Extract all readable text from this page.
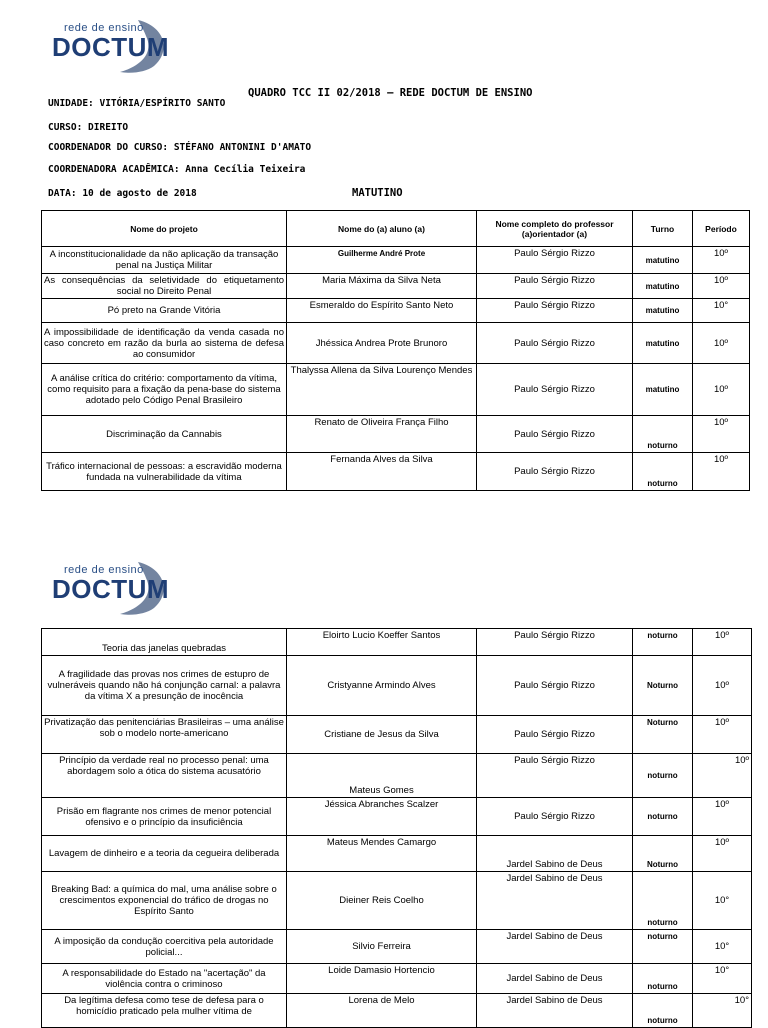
rede de ensino
DOCTUM
QUADRO TCC II 02/2018 – REDE DOCTUM DE ENSINO
UNIDADE: VITÓRIA/ESPÍRITO SANTO
CURSO: DIREITO
COORDENADOR DO CURSO: STÉFANO ANTONINI D'AMATO
COORDENADORA ACADÊMICA: Anna Cecília Teixeira
DATA: 10 de agosto de 2018	MATUTINO
Nome do projeto	Nome do (a) aluno (a)	Nome completo do professor (a)orientador (a)	Turno	Período
A inconstitucionalidade da não aplicação da transação penal na Justiça Militar	Guilherme André Prote	Paulo Sérgio Rizzo	matutino	10º
As consequências da seletividade do etiquetamento social no Direito Penal	Maria Máxima da Silva Neta	Paulo Sérgio Rizzo	matutino	10º
Pó preto na Grande Vitória	Esmeraldo do Espírito Santo Neto	Paulo Sérgio Rizzo	matutino	10°
A impossibilidade de identificação da venda casada no caso concreto em razão da burla ao sistema de defesa ao consumidor	Jhéssica Andrea Prote Brunoro	Paulo Sérgio Rizzo	matutino	10º
A análise crítica do critério: comportamento da vítima, como requisito para a fixação da pena-base do sistema adotado pelo Código Penal Brasileiro	Thalyssa Allena da Silva Lourenço Mendes	Paulo Sérgio Rizzo	matutino	10º
Discriminação da Cannabis	Renato de Oliveira França Filho	Paulo Sérgio Rizzo	noturno	10º
Tráfico internacional de pessoas: a escravidão moderna fundada na vulnerabilidade da vítima	Fernanda Alves da Silva	Paulo Sérgio Rizzo	noturno	10º
rede de ensino
DOCTUM
Teoria das janelas quebradas	Eloirto Lucio Koeffer Santos	Paulo Sérgio Rizzo	noturno	10º
A fragilidade das provas nos crimes de estupro de vulneráveis quando não há conjunção carnal: a palavra da vítima X a presunção de inocência	Cristyanne Armindo Alves	Paulo Sérgio Rizzo	Noturno	10º
Privatização das penitenciárias Brasileiras – uma análise sob o modelo norte-americano	Cristiane de Jesus da Silva	Paulo Sérgio Rizzo	Noturno	10º
Princípio da verdade real no processo penal: uma abordagem solo a ótica do sistema acusatório	Mateus Gomes	Paulo Sérgio Rizzo	noturno	10º
Prisão em flagrante nos crimes de menor potencial ofensivo e o princípio da insuficiência	Jéssica Abranches Scalzer	Paulo Sérgio Rizzo	noturno	10º
Lavagem de dinheiro e a teoria da cegueira deliberada	Mateus Mendes Camargo	Jardel Sabino de Deus	Noturno	10º
Breaking Bad: a química do mal, uma análise sobre o crescimentos exponencial do tráfico de drogas no Espírito Santo	Dieiner Reis Coelho	Jardel Sabino de Deus	noturno	10°
A imposição da condução coercitiva pela autoridade policial...	Silvio Ferreira	Jardel Sabino de Deus	noturno	10°
A responsabilidade do Estado na "acertação" da violência contra o criminoso	Loide Damasio Hortencio	Jardel Sabino de Deus	noturno	10°
Da legítima defesa como tese de defesa para o homicídio praticado pela mulher vítima de	Lorena de Melo	Jardel Sabino de Deus	noturno	10°
